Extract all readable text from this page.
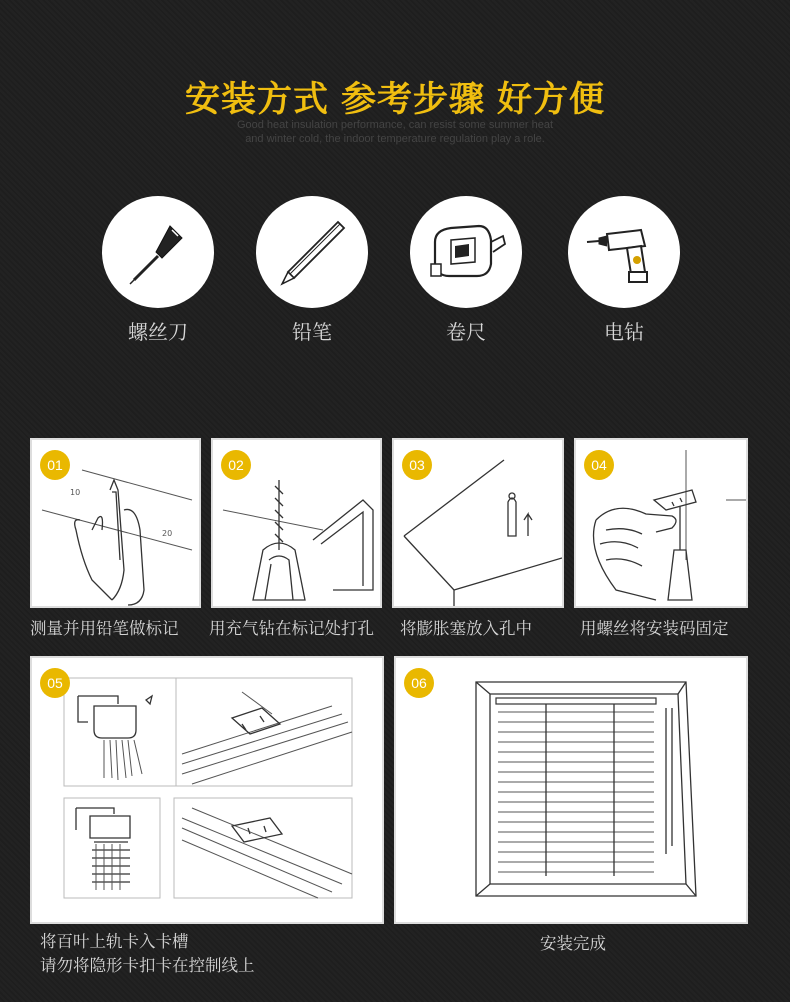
安装方式 参考步骤 好方便
Good heat insulation performance, can resist some summer heat
and winter cold, the indoor temperature regulation play a role.
螺丝刀	铅笔	卷尺	电钻
10
20
01
测量并用铅笔做标记
02
用充气钻在标记处打孔
03
将膨胀塞放入孔中
04
用螺丝将安装码固定
05
将百叶上轨卡入卡槽
请勿将隐形卡扣卡在控制线上
06
安装完成
